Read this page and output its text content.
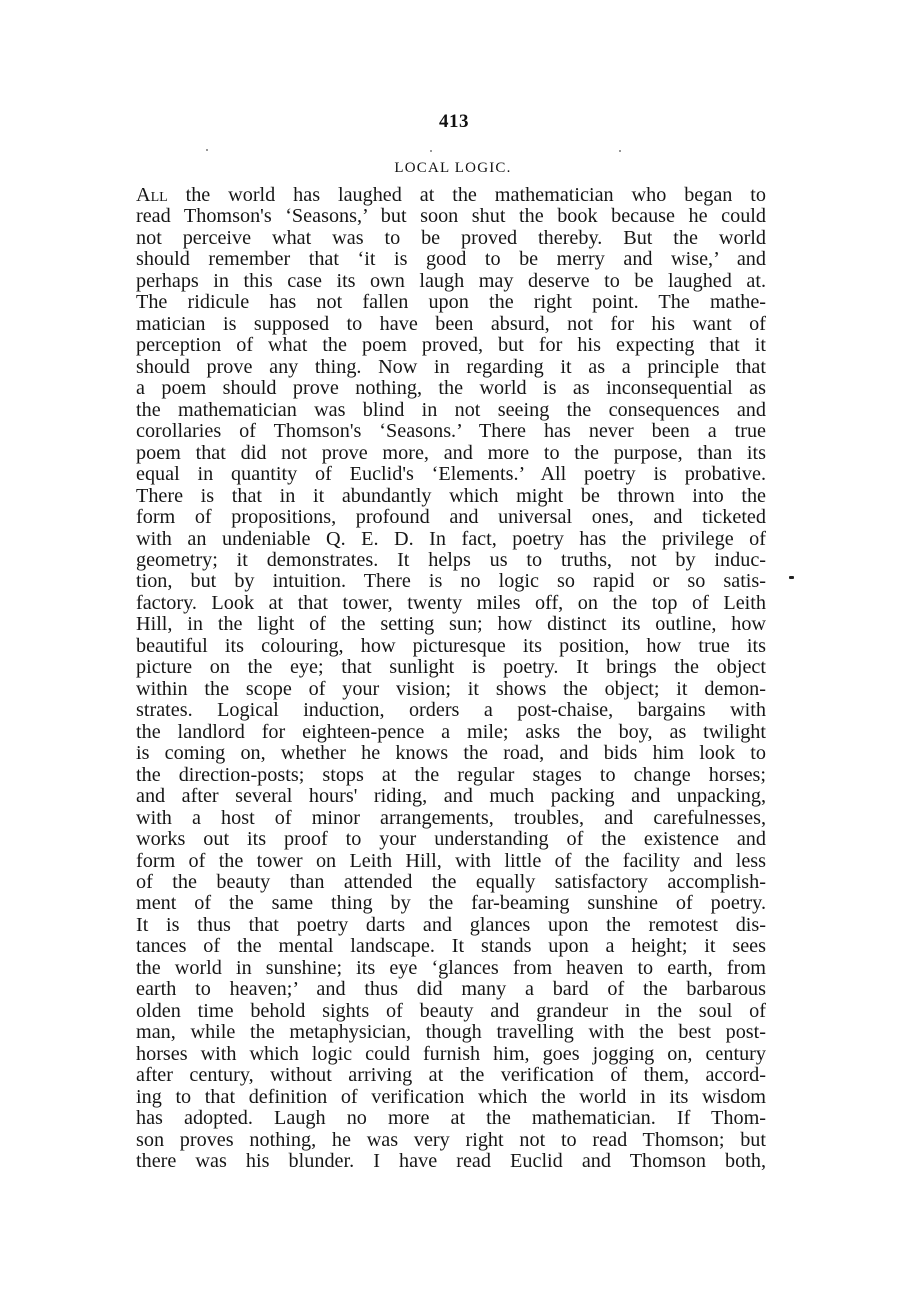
413
LOCAL LOGIC.
All the world has laughed at the mathematician who began to
read Thomson's ‘Seasons,’ but soon shut the book because he could
not perceive what was to be proved thereby. But the world
should remember that ‘it is good to be merry and wise,’ and
perhaps in this case its own laugh may deserve to be laughed at.
The ridicule has not fallen upon the right point. The mathe-
matician is supposed to have been absurd, not for his want of
perception of what the poem proved, but for his expecting that it
should prove any thing. Now in regarding it as a principle that
a poem should prove nothing, the world is as inconsequential as
the mathematician was blind in not seeing the consequences and
corollaries of Thomson's ‘Seasons.’ There has never been a true
poem that did not prove more, and more to the purpose, than its
equal in quantity of Euclid's ‘Elements.’ All poetry is probative.
There is that in it abundantly which might be thrown into the
form of propositions, profound and universal ones, and ticketed
with an undeniable Q. E. D. In fact, poetry has the privilege of
geometry; it demonstrates. It helps us to truths, not by induc-
tion, but by intuition. There is no logic so rapid or so satis-
factory. Look at that tower, twenty miles off, on the top of Leith
Hill, in the light of the setting sun; how distinct its outline, how
beautiful its colouring, how picturesque its position, how true its
picture on the eye; that sunlight is poetry. It brings the object
within the scope of your vision; it shows the object; it demon-
strates. Logical induction, orders a post-chaise, bargains with
the landlord for eighteen-pence a mile; asks the boy, as twilight
is coming on, whether he knows the road, and bids him look to
the direction-posts; stops at the regular stages to change horses;
and after several hours' riding, and much packing and unpacking,
with a host of minor arrangements, troubles, and carefulnesses,
works out its proof to your understanding of the existence and
form of the tower on Leith Hill, with little of the facility and less
of the beauty than attended the equally satisfactory accomplish-
ment of the same thing by the far-beaming sunshine of poetry.
It is thus that poetry darts and glances upon the remotest dis-
tances of the mental landscape. It stands upon a height; it sees
the world in sunshine; its eye ‘glances from heaven to earth, from
earth to heaven;’ and thus did many a bard of the barbarous
olden time behold sights of beauty and grandeur in the soul of
man, while the metaphysician, though travelling with the best post-
horses with which logic could furnish him, goes jogging on, century
after century, without arriving at the verification of them, accord-
ing to that definition of verification which the world in its wisdom
has adopted. Laugh no more at the mathematician. If Thom-
son proves nothing, he was very right not to read Thomson; but
there was his blunder. I have read Euclid and Thomson both,
